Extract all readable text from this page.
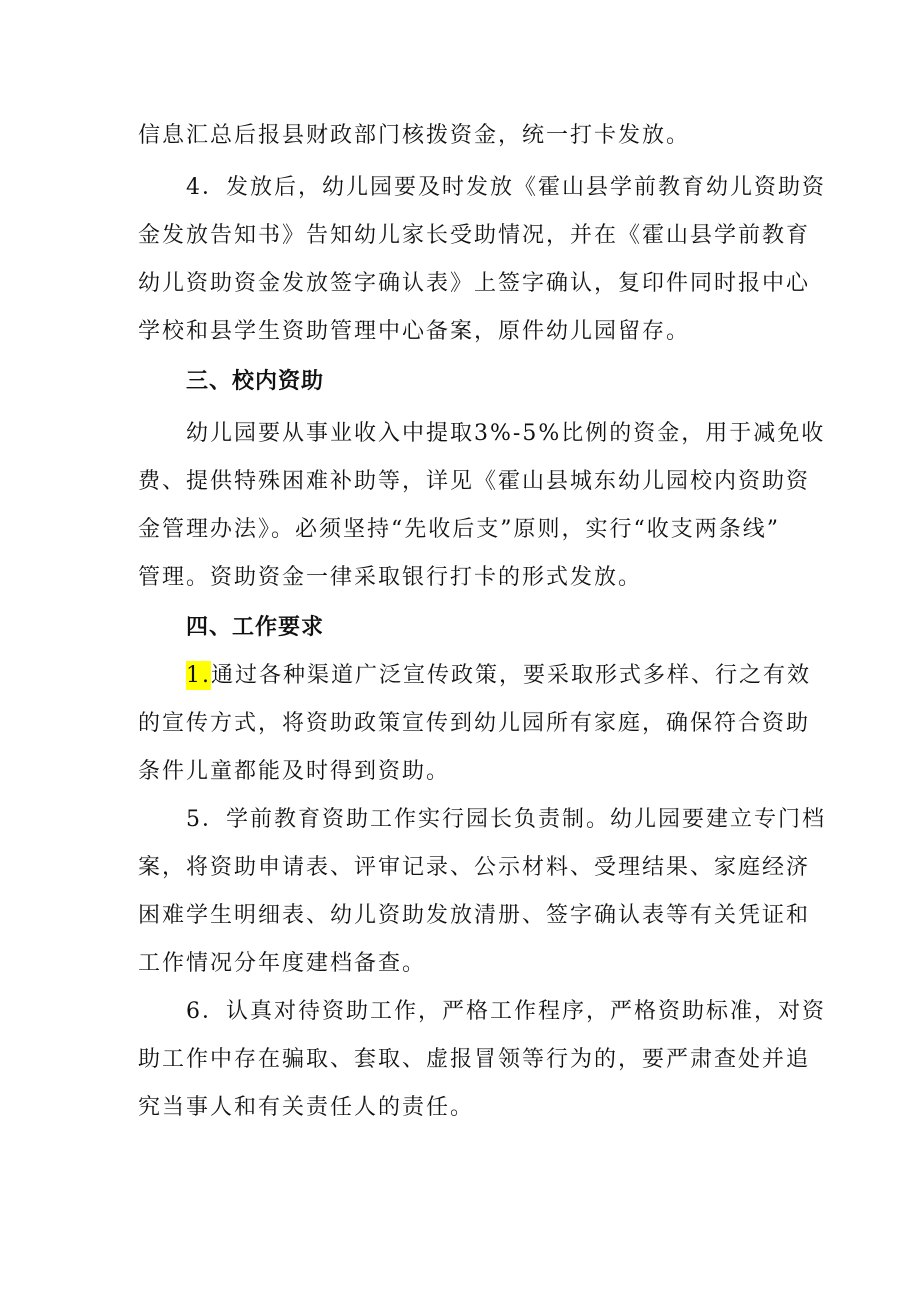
信息汇总后报县财政部门核拨资金，统一打卡发放。
4．发放后，幼儿园要及时发放《霍山县学前教育幼儿资助资
金发放告知书》告知幼儿家长受助情况，并在《霍山县学前教育
幼儿资助资金发放签字确认表》上签字确认，复印件同时报中心
学校和县学生资助管理中心备案，原件幼儿园留存。
三、校内资助
幼儿园要从事业收入中提取3%-5%比例的资金，用于减免收
费、提供特殊困难补助等，详见《霍山县城东幼儿园校内资助资
金管理办法》。必须坚持“先收后支”原则，实行“收支两条线”
管理。资助资金一律采取银行打卡的形式发放。
四、工作要求
1.通过各种渠道广泛宣传政策，要采取形式多样、行之有效
的宣传方式，将资助政策宣传到幼儿园所有家庭，确保符合资助
条件儿童都能及时得到资助。
5．学前教育资助工作实行园长负责制。幼儿园要建立专门档
案，将资助申请表、评审记录、公示材料、受理结果、家庭经济
困难学生明细表、幼儿资助发放清册、签字确认表等有关凭证和
工作情况分年度建档备查。
6．认真对待资助工作，严格工作程序，严格资助标准，对资
助工作中存在骗取、套取、虚报冒领等行为的，要严肃查处并追
究当事人和有关责任人的责任。
